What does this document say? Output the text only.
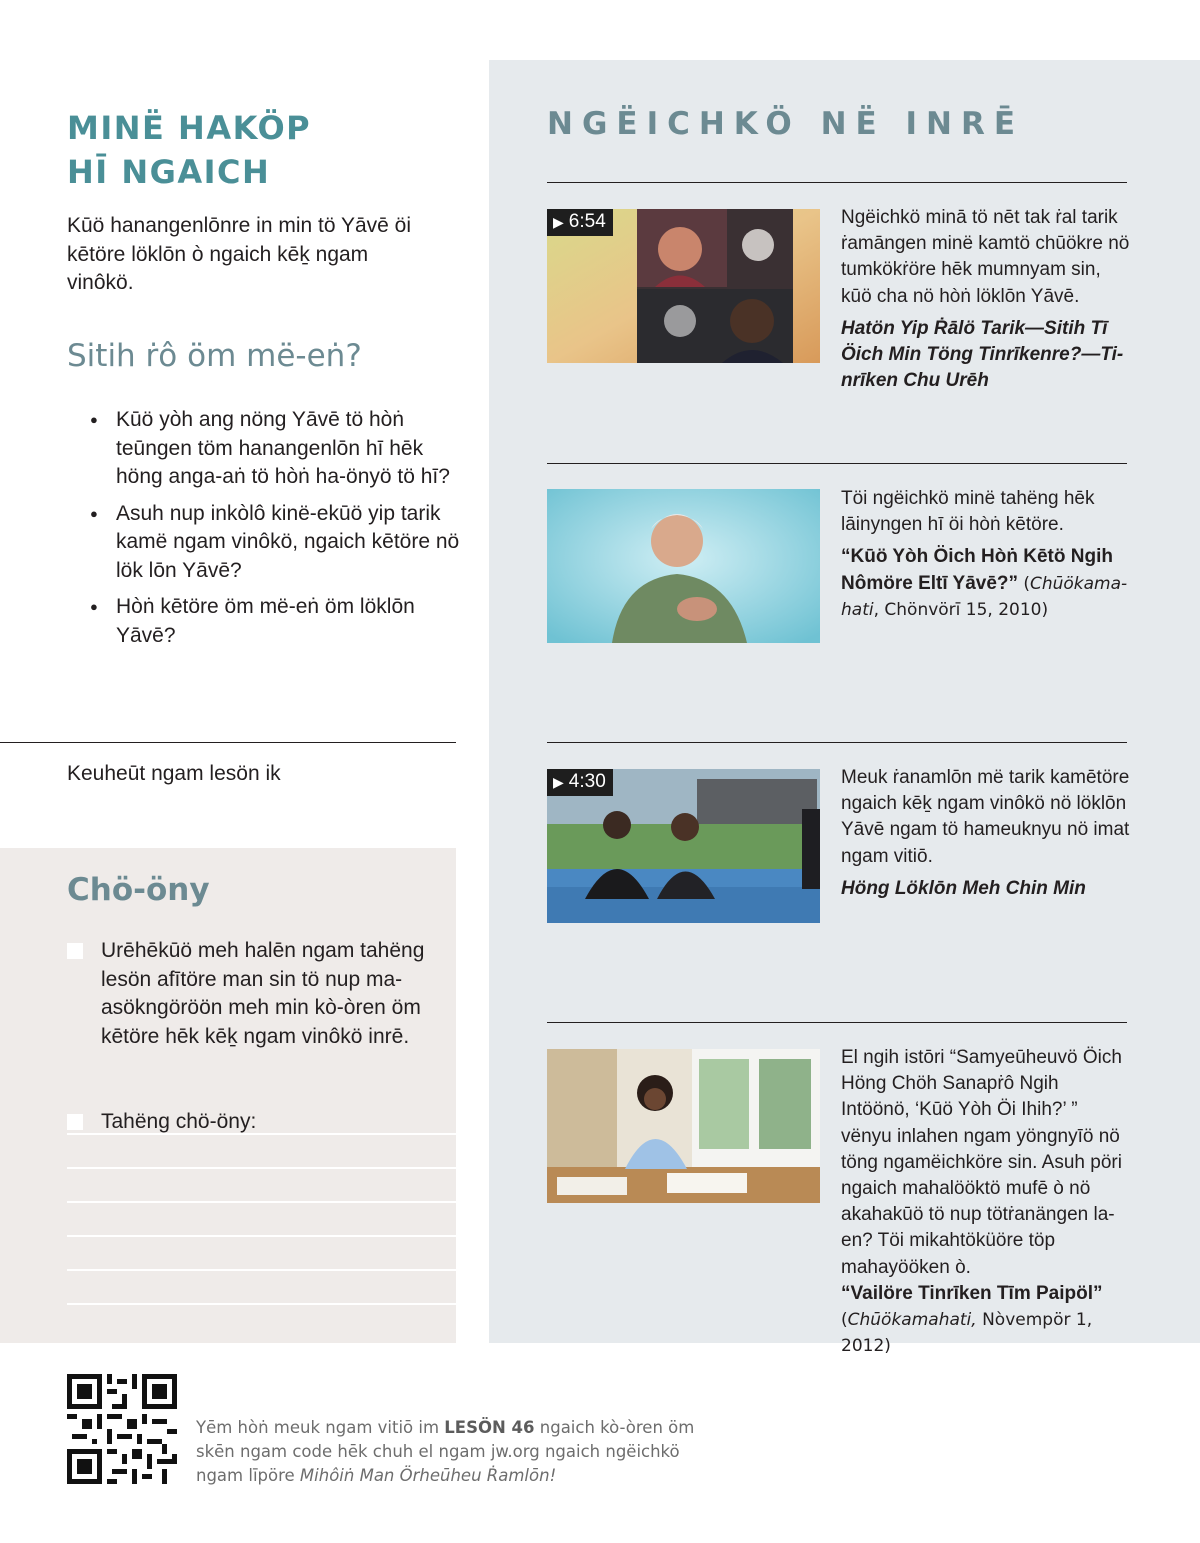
MINË HAKÖP
HĪ NGAICH

Kūö hanangenlōnre in min tö Yāvē öi kētöre löklōn ò ngaich kēḵ ngam vinôkö.

Sitih ṙô öm më-eṅ?
● Kūö yòh ang nöng Yāvē tö hòṅ teūngen töm hanangenlōn hī hēk höng anga-aṅ tö hòṅ ha-önyö tö hī?
● Asuh nup inkòlô kinë-ekūö yip tarik kamë ngam vinôkö, ngaich kētöre nö lök lōn Yāvē?
● Hòṅ kētöre öm më-eṅ öm löklōn Yāvē?
Keuheūt ngam lesön ik
Chö-öny
Urēhēkūö meh halēn ngam tahëng lesön afītöre man sin tö nup ma-asökngöröön meh min kò-òren öm kētöre hēk kēḵ ngam vinôkö inrē.
Tahëng chö-öny:
NGËICHKÖ NË INRĒ
▶ 6:54	Ngëichkö minā tö nēt tak ṙal tarik ṙamāngen minë kamtö chūökre nö tumkökṙöre hēk mumnyam sin, kūö cha nö hòṅ löklōn Yāvē.
Hatön Yip Ṙālö Tarik—Sitih Tī Öich Min Töng Tinrīkenre?—Tinrīken Chu Urēh
Töi ngëichkö minë tahëng hēk lāinyngen hī öi hòṅ kētöre.
“Kūö Yòh Öich Hòṅ Kētö Ngih Nômöre Eltī Yāvē?” (Chūökamahati, Chönvörī 15, 2010)
▶ 4:30	Meuk ṙanamlōn më tarik kamētöre ngaich kēḵ ngam vinôkö nö löklōn Yāvē ngam tö hameuknyu nö imat ngam vitiō.
Höng Löklōn Meh Chin Min
El ngih istōri “Samyeūheuvö Öich Höng Chöh Sanapṙô Ngih Intöönö, ‘Kūö Yòh Öi Ihih?’ ” vënyu inlahen ngam yöngnyīö nö töng ngamëichköre sin. Asuh pöri ngaich mahalööktö mufē ò nö akahakūö tö nup tötṙanängen la-en? Töi mikahtöküöre töp mahayööken ò.
“Vailöre Tinrīken Tīm Paipöl”
(Chūökamahati, Nòvempör 1, 2012)

Yēm hòṅ meuk ngam vitiō im LESÖN 46 ngaich kò-òren öm skēn ngam code hēk chuh el ngam jw.org ngaich ngëichkö ngam līpöre Mihôiṅ Man Örheūheu Ṙamlōn!
